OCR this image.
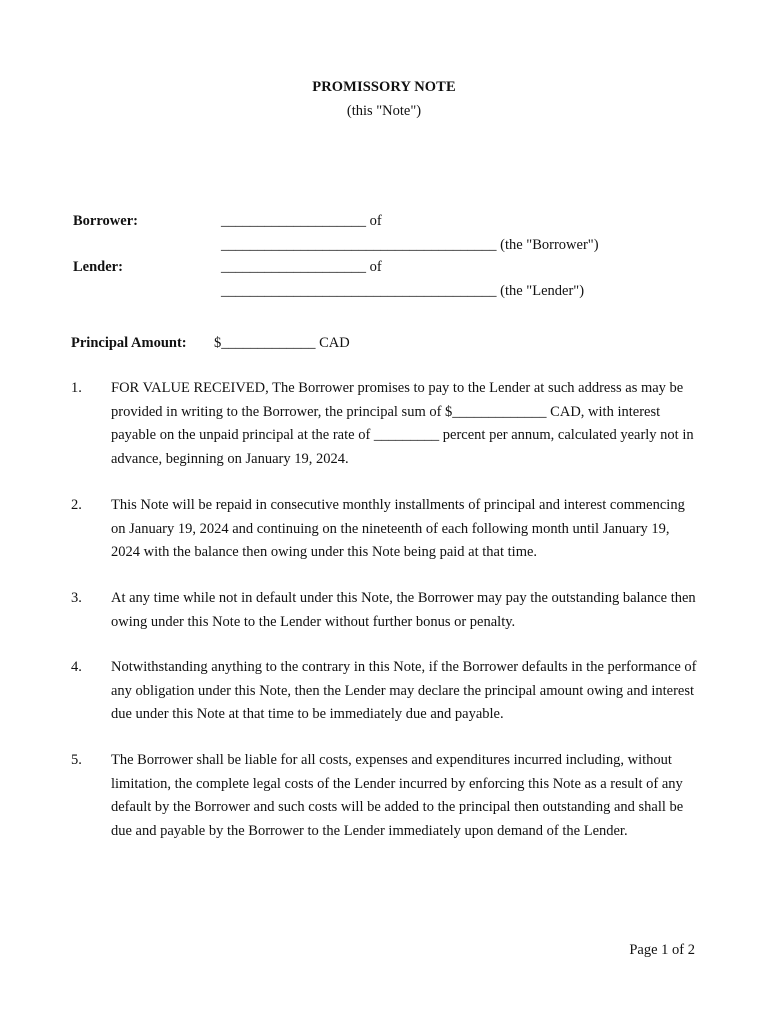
PROMISSORY NOTE
(this "Note")
Borrower:	____________________ of
______________________________________ (the "Borrower")
Lender:	____________________ of
______________________________________ (the "Lender")
Principal Amount: $_____________ CAD
1. FOR VALUE RECEIVED, The Borrower promises to pay to the Lender at such address as may be provided in writing to the Borrower, the principal sum of $_____________ CAD, with interest payable on the unpaid principal at the rate of _________ percent per annum, calculated yearly not in advance, beginning on January 19, 2024.
2. This Note will be repaid in consecutive monthly installments of principal and interest commencing on January 19, 2024 and continuing on the nineteenth of each following month until January 19, 2024 with the balance then owing under this Note being paid at that time.
3. At any time while not in default under this Note, the Borrower may pay the outstanding balance then owing under this Note to the Lender without further bonus or penalty.
4. Notwithstanding anything to the contrary in this Note, if the Borrower defaults in the performance of any obligation under this Note, then the Lender may declare the principal amount owing and interest due under this Note at that time to be immediately due and payable.
5. The Borrower shall be liable for all costs, expenses and expenditures incurred including, without limitation, the complete legal costs of the Lender incurred by enforcing this Note as a result of any default by the Borrower and such costs will be added to the principal then outstanding and shall be due and payable by the Borrower to the Lender immediately upon demand of the Lender.
Page 1 of 2
